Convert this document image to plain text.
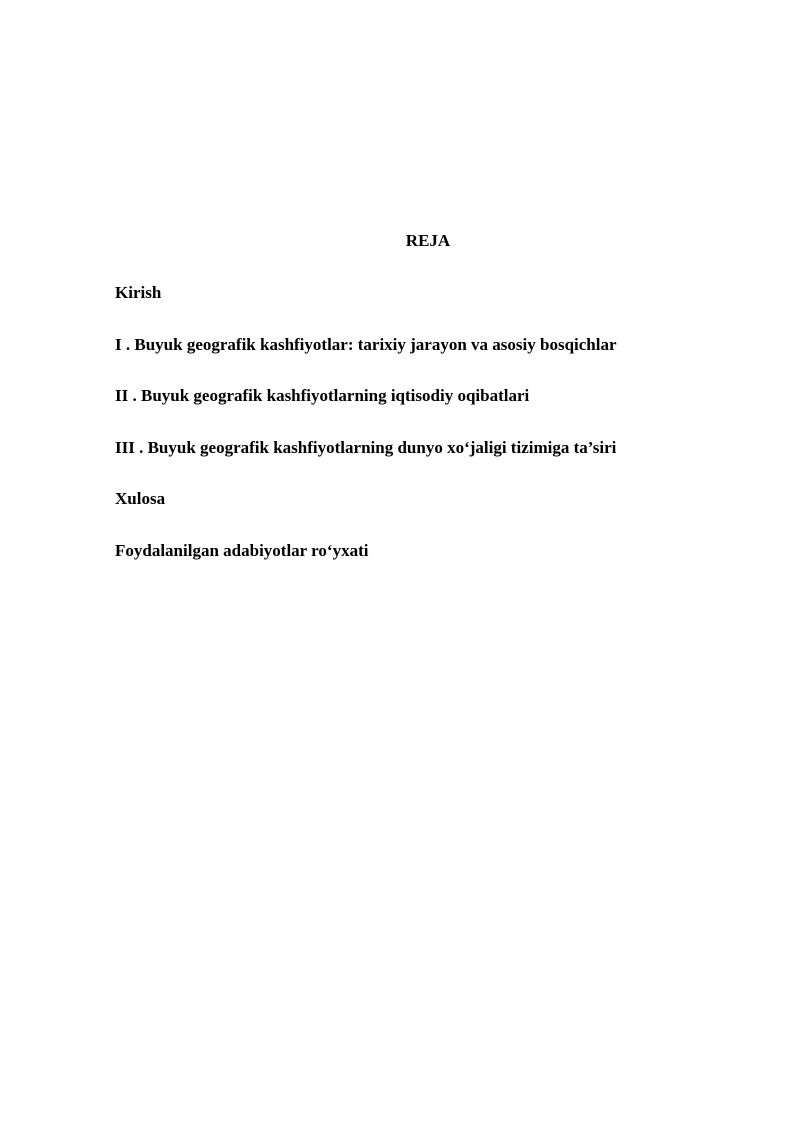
REJA
Kirish
I . Buyuk geografik kashfiyotlar: tarixiy jarayon va asosiy bosqichlar
II . Buyuk geografik kashfiyotlarning iqtisodiy oqibatlari
III . Buyuk geografik kashfiyotlarning dunyo xo‘jaligi tizimiga ta’siri
Xulosa
Foydalanilgan adabiyotlar ro‘yxati
